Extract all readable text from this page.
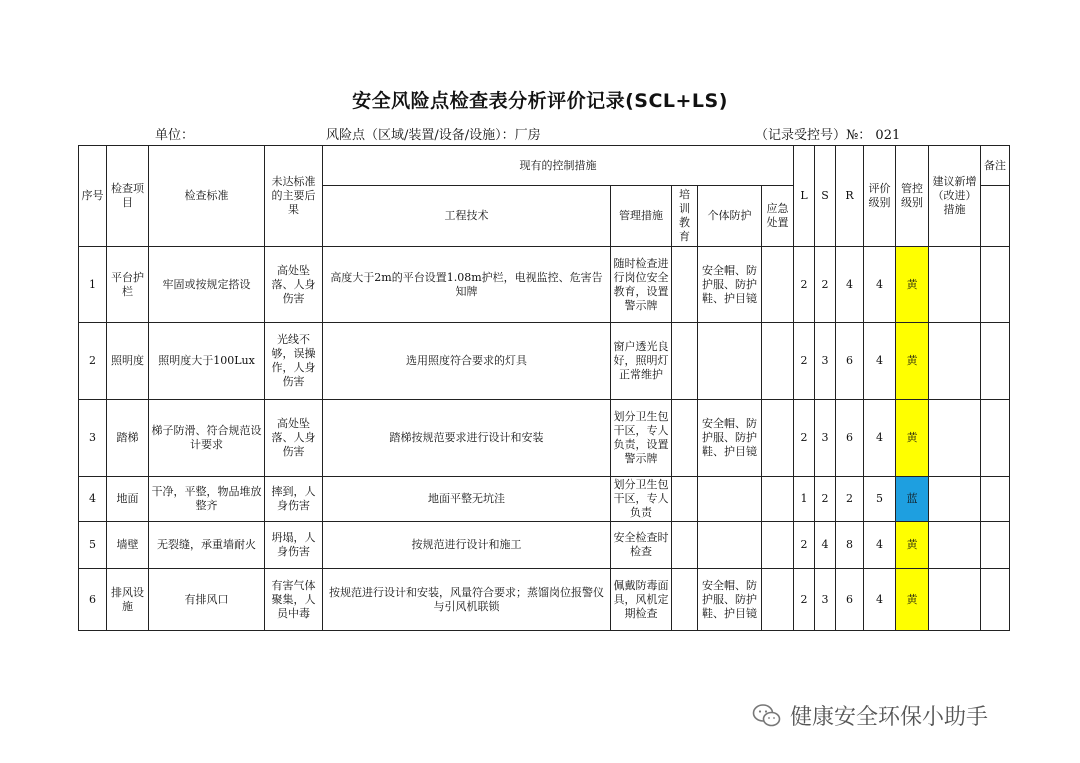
安全风险点检查表分析评价记录(SCL+LS)
单位：	风险点（区域/装置/设备/设施）：厂房	（记录受控号）№： 021
序号	检查项目	检查标准	未达标准的主要后果	现有的控制措施					L	S	R	评价级别	管控级别	建议新增（改进）措施	备注
				工程技术	管理措施	培训教育	个体防护	应急处置							
1	平台护栏	牢固或按规定搭设	高处坠落、人身伤害	高度大于2m的平台设置1.08m护栏，电视监控、危害告知牌	随时检查进行岗位安全教育，设置警示牌		安全帽、防护服、防护鞋、护目镜		2	2	4	4	黄		
2	照明度	照明度大于100Lux	光线不够，误操作，人身伤害	选用照度符合要求的灯具	窗户透光良好，照明灯正常维护				2	3	6	4	黄		
3	踏梯	梯子防滑、符合规范设计要求	高处坠落、人身伤害	踏梯按规范要求进行设计和安装	划分卫生包干区，专人负责，设置警示牌		安全帽、防护服、防护鞋、护目镜		2	3	6	4	黄		
4	地面	干净，平整，物品堆放整齐	摔到，人身伤害	地面平整无坑洼	划分卫生包干区，专人负责				1	2	2	5	蓝		
5	墙壁	无裂缝，承重墙耐火	坍塌，人身伤害	按规范进行设计和施工	安全检查时检查				2	4	8	4	黄		
6	排风设施	有排风口	有害气体聚集，人员中毒	按规范进行设计和安装，风量符合要求；蒸馏岗位报警仪与引风机联锁	佩戴防毒面具，风机定期检查		安全帽、防护服、防护鞋、护目镜		2	3	6	4	黄		
健康安全环保小助手
